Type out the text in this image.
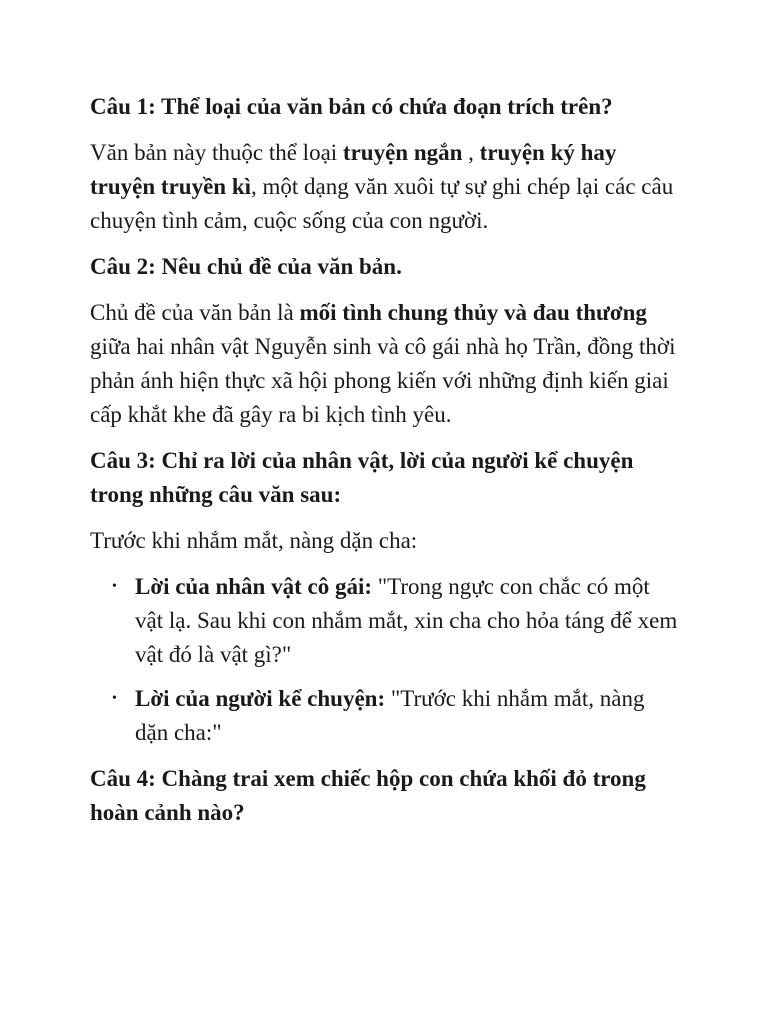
Câu 1: Thể loại của văn bản có chứa đoạn trích trên?

Văn bản này thuộc thể loại truyện ngắn , truyện ký hay truyện truyền kì, một dạng văn xuôi tự sự ghi chép lại các câu chuyện tình cảm, cuộc sống của con người.

Câu 2: Nêu chủ đề của văn bản.

Chủ đề của văn bản là mối tình chung thủy và đau thương giữa hai nhân vật Nguyễn sinh và cô gái nhà họ Trần, đồng thời phản ánh hiện thực xã hội phong kiến với những định kiến giai cấp khắt khe đã gây ra bi kịch tình yêu.

Câu 3: Chỉ ra lời của nhân vật, lời của người kể chuyện trong những câu văn sau:

Trước khi nhắm mắt, nàng dặn cha:

• Lời của nhân vật cô gái: "Trong ngực con chắc có một vật lạ. Sau khi con nhắm mắt, xin cha cho hỏa táng để xem vật đó là vật gì?"
• Lời của người kể chuyện: "Trước khi nhắm mắt, nàng dặn cha:"

Câu 4: Chàng trai xem chiếc hộp con chứa khối đỏ trong hoàn cảnh nào?
